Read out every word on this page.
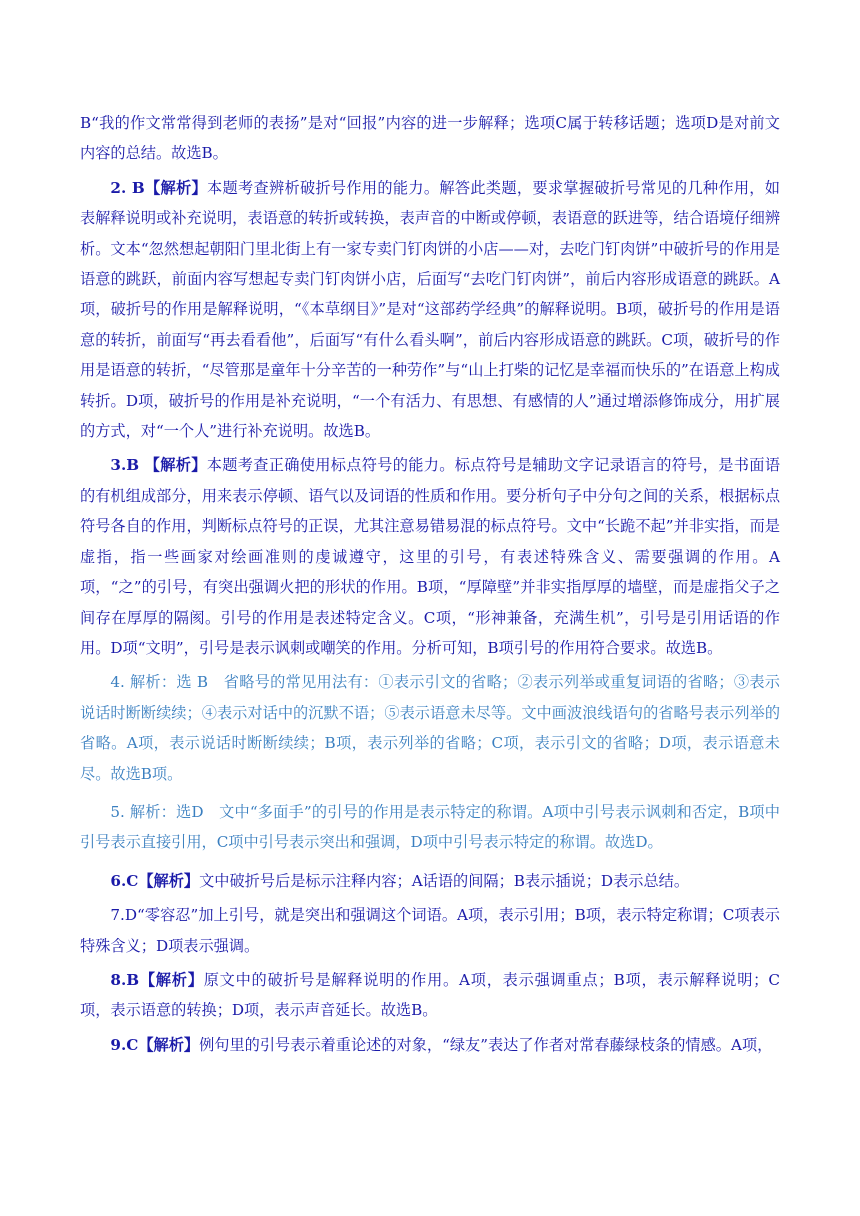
B“我的作文常常得到老师的表扬”是对“回报”内容的进一步解释；选项C属于转移话题；选项D是对前文内容的总结。故选B。

2. B【解析】本题考查辨析破折号作用的能力。解答此类题，要求掌握破折号常见的几种作用，如表解释说明或补充说明，表语意的转折或转换，表声音的中断或停顿，表语意的跃进等，结合语境仔细辨析。文本“忽然想起朝阳门里北街上有一家专卖门钉肉饼的小店——对，去吃门钉肉饼”中破折号的作用是语意的跳跃，前面内容写想起专卖门钉肉饼小店，后面写“去吃门钉肉饼”，前后内容形成语意的跳跃。A项，破折号的作用是解释说明，“《本草纲目》”是对“这部药学经典”的解释说明。B项，破折号的作用是语意的转折，前面写“再去看看他”，后面写“有什么看头啊”，前后内容形成语意的跳跃。C项，破折号的作用是语意的转折，“尽管那是童年十分辛苦的一种劳作”与“山上打柴的记忆是幸福而快乐的”在语意上构成转折。D项，破折号的作用是补充说明，“一个有活力、有思想、有感情的人”通过增添修饰成分，用扩展的方式，对“一个人”进行补充说明。故选B。

3.B 【解析】本题考查正确使用标点符号的能力。标点符号是辅助文字记录语言的符号，是书面语的有机组成部分，用来表示停顿、语气以及词语的性质和作用。要分析句子中分句之间的关系，根据标点符号各自的作用，判断标点符号的正误，尤其注意易错易混的标点符号。文中“长跪不起”并非实指，而是虚指，指一些画家对绘画准则的虔诚遵守，这里的引号，有表述特殊含义、需要强调的作用。A项，“之”的引号，有突出强调火把的形状的作用。B项，“厚障壁”并非实指厚厚的墙壁，而是虚指父子之间存在厚厚的隔阂。引号的作用是表述特定含义。C项，“形神兼备，充满生机”，引号是引用话语的作用。D项“文明”，引号是表示讽刺或嘲笑的作用。分析可知，B项引号的作用符合要求。故选B。

4. 解析：选 B　省略号的常见用法有：①表示引文的省略；②表示列举或重复词语的省略；③表示说话时断断续续；④表示对话中的沉默不语；⑤表示语意未尽等。文中画波浪线语句的省略号表示列举的省略。A项，表示说话时断断续续；B项，表示列举的省略；C项，表示引文的省略；D项，表示语意未尽。故选B项。

5. 解析：选D　文中“多面手”的引号的作用是表示特定的称谓。A项中引号表示讽刺和否定，B项中引号表示直接引用，C项中引号表示突出和强调，D项中引号表示特定的称谓。故选D。

6.C【解析】文中破折号后是标示注释内容；A话语的间隔；B表示插说；D表示总结。

7.D“零容忍”加上引号，就是突出和强调这个词语。A项，表示引用；B项，表示特定称谓；C项表示特殊含义；D项表示强调。

8.B【解析】原文中的破折号是解释说明的作用。A项，表示强调重点；B项，表示解释说明；C项，表示语意的转换；D项，表示声音延长。故选B。

9.C【解析】例句里的引号表示着重论述的对象，“绿友”表达了作者对常春藤绿枝条的情感。A项，
